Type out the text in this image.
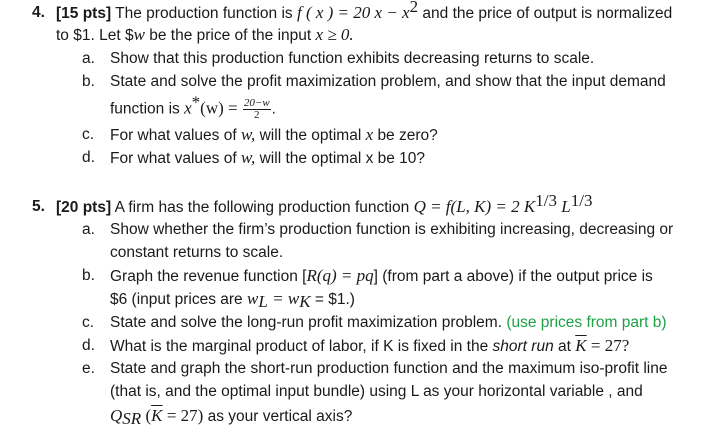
4. [15 pts] The production function is f ( x ) = 20 $x - x^2$ and the price of output is normalized
to $1. Let $w be the price of the input x ≥ 0.
a. Show that this production function exhibits decreasing returns to scale.
b. State and solve the profit maximization problem, and show that the input demand
function is $x^*(w) = \frac{20-w}{2}$ .
c. For what values of w, will the optimal x be zero?
d. For what values of w, will the optimal x be 10?
5. [20 pts] A firm has the following production function Q = f(L, K) = 2 $K^{1/3}$ $L^{1/3}$
a. Show whether the firm’s production function is exhibiting increasing, decreasing or
constant returns to scale.
b. Graph the revenue function [R(q) = pq] (from part a above) if the output price is
$6 (input prices are $w_L = w_K$ = $1.)
c. State and solve the long-run profit maximization problem. (use prices from part b)
d. What is the marginal product of labor, if K is fixed in the short run at $\overline{K} = 27$?
e. State and graph the short-run production function and the maximum iso-profit line
(that is, and the optimal input bundle) using L as your horizontal variable , and
$Q_{SR}$ $(\overline{K} = 27)$ as your vertical axis?
